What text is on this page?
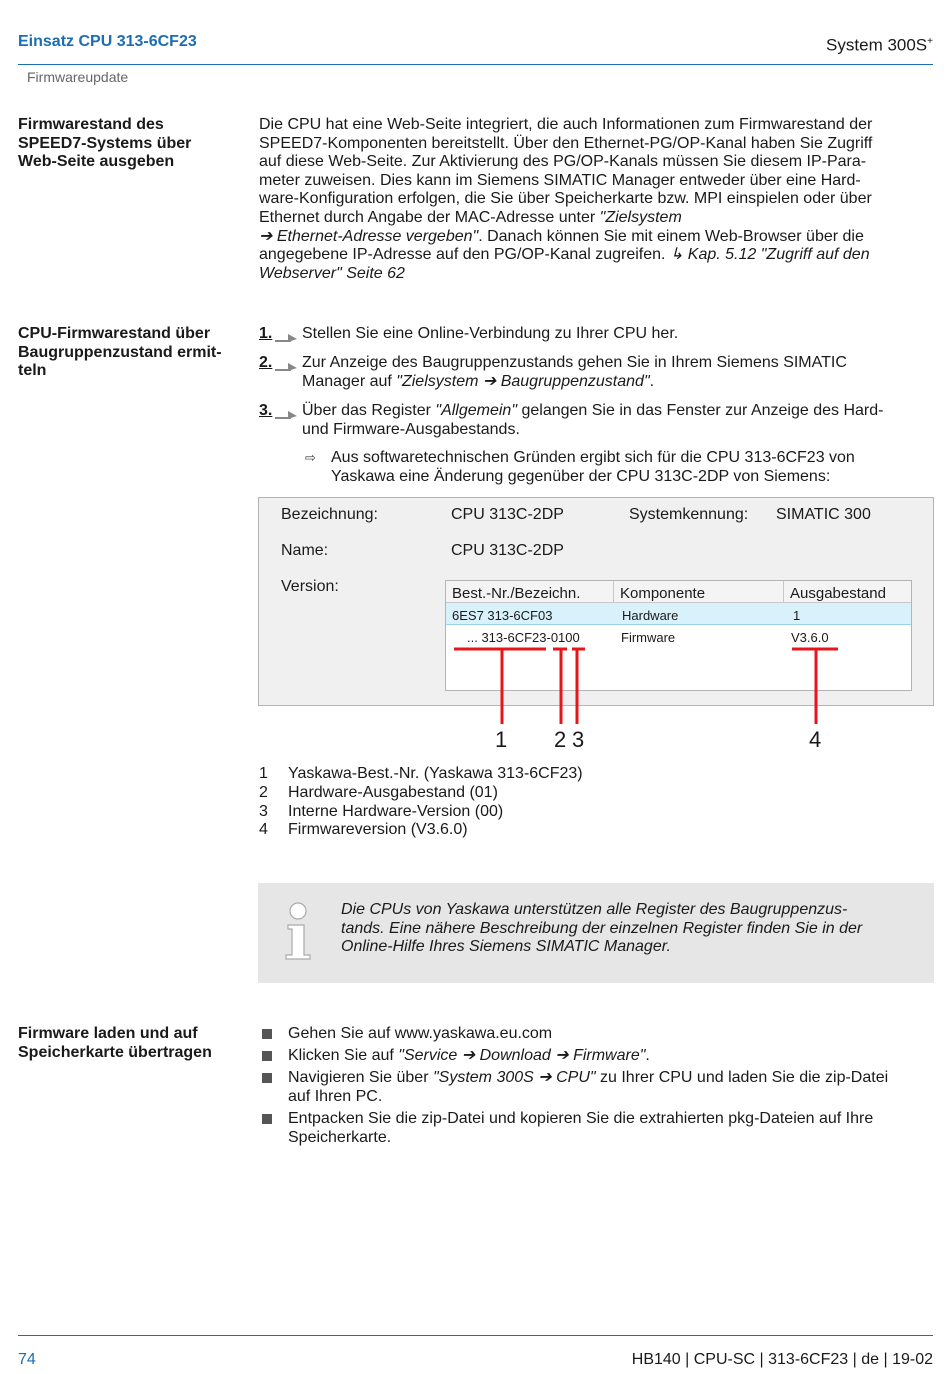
Einsatz CPU 313-6CF23	System 300S+
Firmwareupdate
Firmwarestand des
SPEED7-Systems über
Web-Seite ausgeben
Die CPU hat eine Web-Seite integriert, die auch Informationen zum Firmwarestand der
SPEED7-Komponenten bereitstellt. Über den Ethernet-PG/OP-Kanal haben Sie Zugriff
auf diese Web-Seite. Zur Aktivierung des PG/OP-Kanals müssen Sie diesem IP-Para-
meter zuweisen. Dies kann im Siemens SIMATIC Manager entweder über eine Hard-
ware-Konfiguration erfolgen, die Sie über Speicherkarte bzw. MPI einspielen oder über
Ethernet durch Angabe der MAC-Adresse unter "Zielsystem
➔ Ethernet-Adresse vergeben". Danach können Sie mit einem Web-Browser über die
angegebene IP-Adresse auf den PG/OP-Kanal zugreifen. ↳ Kap. 5.12 "Zugriff auf den
Webserver" Seite 62
CPU-Firmwarestand über
Baugruppenzustand ermit-
teln
1.	Stellen Sie eine Online-Verbindung zu Ihrer CPU her.
2.	Zur Anzeige des Baugruppenzustands gehen Sie in Ihrem Siemens SIMATIC
Manager auf "Zielsystem ➔ Baugruppenzustand".
3.	Über das Register "Allgemein" gelangen Sie in das Fenster zur Anzeige des Hard-
und Firmware-Ausgabestands.
⇨ Aus softwaretechnischen Gründen ergibt sich für die CPU 313-6CF23 von
Yaskawa eine Änderung gegenüber der CPU 313C-2DP von Siemens:
Bezeichnung:	CPU 313C-2DP	Systemkennung: SIMATIC 300
Name:	CPU 313C-2DP
Version:	Best.-Nr./Bezeichn.	Komponente	Ausgabestand
6ES7 313-6CF03	Hardware	1
... 313-6CF23-0100	Firmware	V3.6.0
1 2 3	4
1 Yaskawa-Best.-Nr. (Yaskawa 313-6CF23)
2 Hardware-Ausgabestand (01)
3 Interne Hardware-Version (00)
4 Firmwareversion (V3.6.0)
Die CPUs von Yaskawa unterstützen alle Register des Baugruppenzus-
tands. Eine nähere Beschreibung der einzelnen Register finden Sie in der
Online-Hilfe Ihres Siemens SIMATIC Manager.
Firmware laden und auf
Speicherkarte übertragen
Gehen Sie auf www.yaskawa.eu.com
Klicken Sie auf "Service ➔ Download ➔ Firmware".
Navigieren Sie über "System 300S ➔ CPU" zu Ihrer CPU und laden Sie die zip-Datei
auf Ihren PC.
Entpacken Sie die zip-Datei und kopieren Sie die extrahierten pkg-Dateien auf Ihre
Speicherkarte.
74	HB140 | CPU-SC | 313-6CF23 | de | 19-02
